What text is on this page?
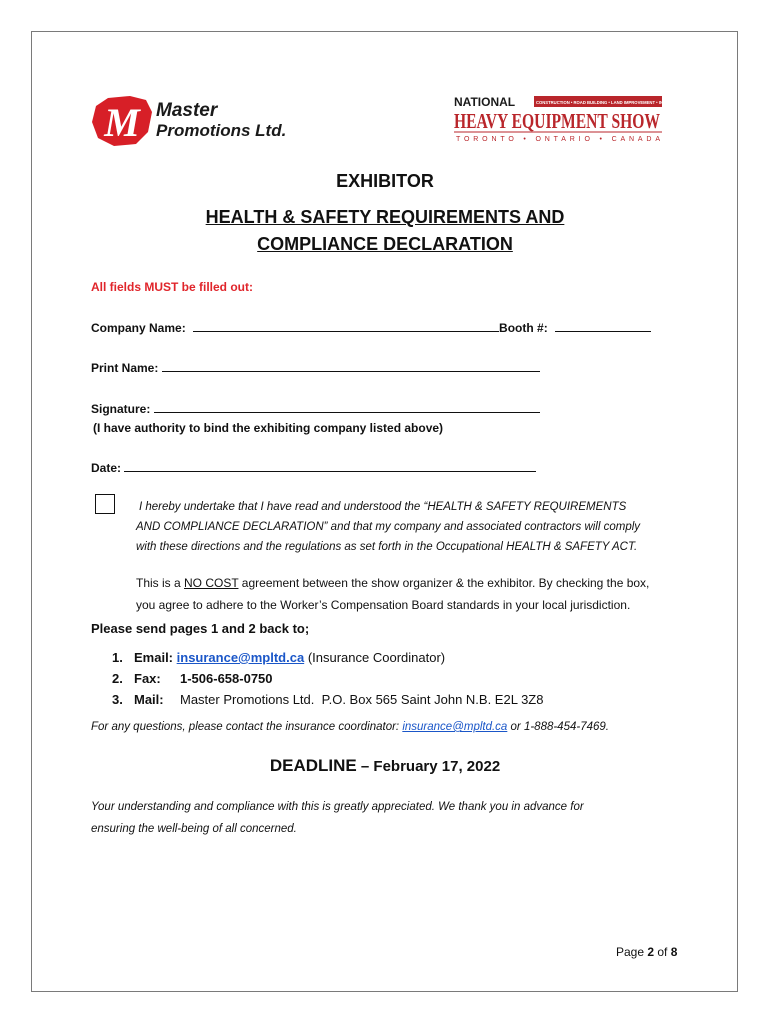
M Master
Promotions Ltd.
NATIONAL	CONSTRUCTION • ROAD BUILDING • LAND IMPROVEMENT • INFRASTRUCTURE
HEAVY EQUIPMENT SHOW
TORONTO • ONTARIO • CANADA
EXHIBITOR
HEALTH & SAFETY REQUIREMENTS AND
COMPLIANCE DECLARATION
All fields MUST be filled out:
Company Name:	Booth #:
Print Name:
Signature:
(I have authority to bind the exhibiting company listed above)
Date:
I hereby undertake that I have read and understood the “HEALTH & SAFETY REQUIREMENTS
AND COMPLIANCE DECLARATION” and that my company and associated contractors will comply
with these directions and the regulations as set forth in the Occupational HEALTH & SAFETY ACT.
This is a NO COST agreement between the show organizer & the exhibitor. By checking the box,
you agree to adhere to the Worker’s Compensation Board standards in your local jurisdiction.
Please send pages 1 and 2 back to;
1. Email: insurance@mpltd.ca (Insurance Coordinator)
2. Fax: 1-506-658-0750
3. Mail: Master Promotions Ltd.  P.O. Box 565 Saint John N.B. E2L 3Z8
For any questions, please contact the insurance coordinator: insurance@mpltd.ca or 1-888-454-7469.
DEADLINE – February 17, 2022
Your understanding and compliance with this is greatly appreciated. We thank you in advance for
ensuring the well-being of all concerned.
Page 2 of 8
